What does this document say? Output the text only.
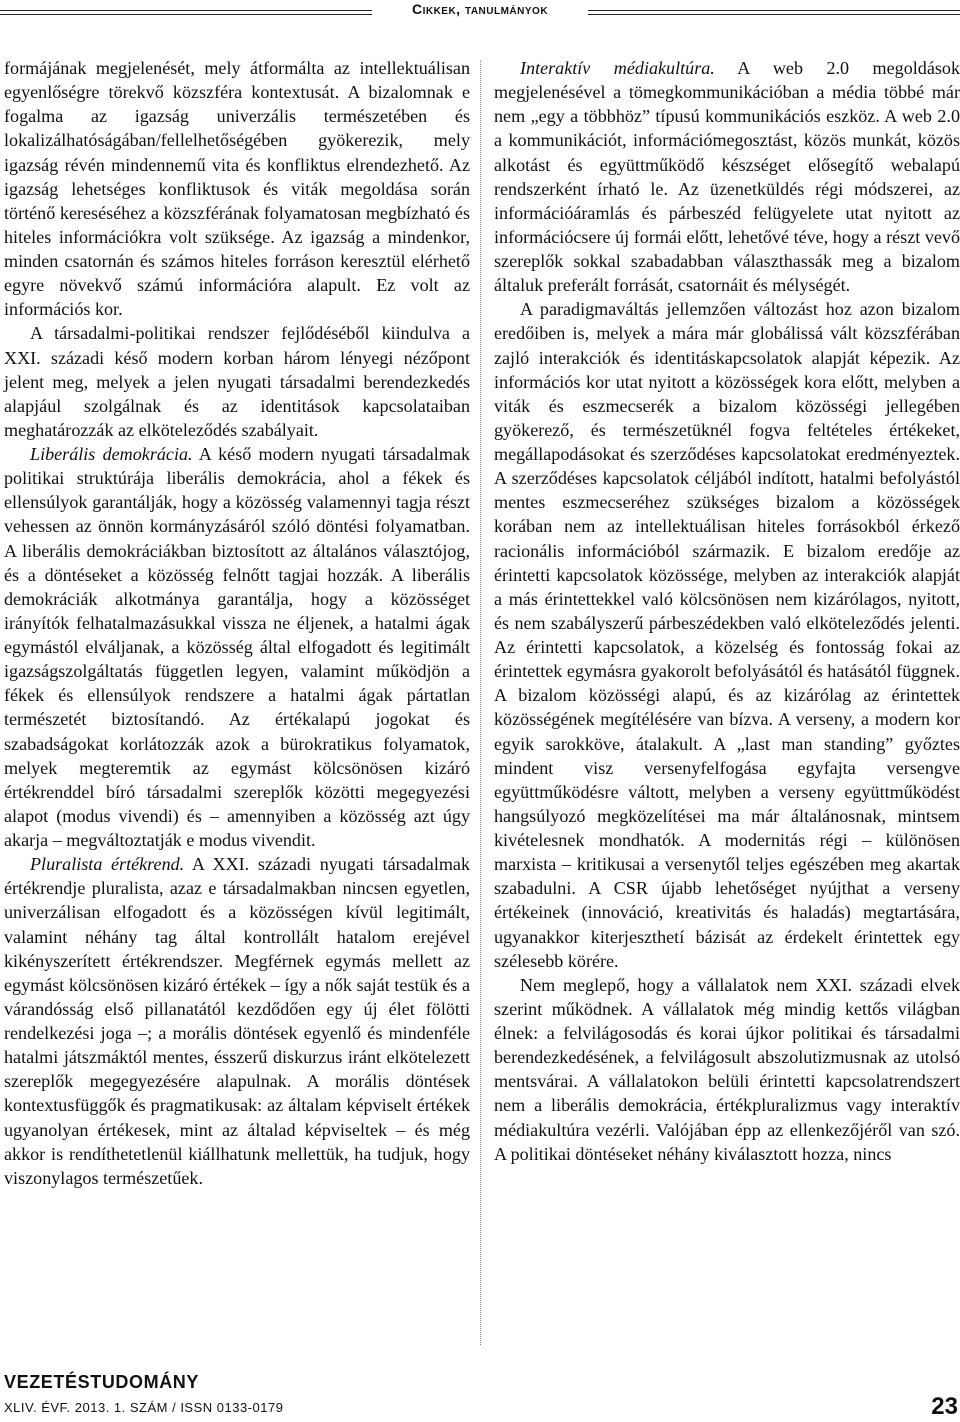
Cikkek, tanulmányok

formájának megjelenését, mely átformálta az intellektuálisan egyenlőségre törekvő közszféra kontextusát. A bizalomnak e fogalma az igazság univerzális természetében és lokalizálhatóságában/fellelhetőségében gyökerezik, mely igazság révén mindennemű vita és konfliktus elrendezhető. Az igazság lehetséges konfliktusok és viták megoldása során történő kereséséhez a közszférának folyamatosan megbízható és hiteles információkra volt szüksége. Az igazság a mindenkor, minden csatornán és számos hiteles forráson keresztül elérhető egyre növekvő számú információra alapult. Ez volt az információs kor.

A társadalmi-politikai rendszer fejlődéséből kiindulva a XXI. századi késő modern korban három lényegi nézőpont jelent meg, melyek a jelen nyugati társadalmi berendezkedés alapjául szolgálnak és az identitások kapcsolataiban meghatározzák az elköteleződés szabályait.

Liberális demokrácia. A késő modern nyugati társadalmak politikai struktúrája liberális demokrácia, ahol a fékek és ellensúlyok garantálják, hogy a közösség valamennyi tagja részt vehessen az önnön kormányzásáról szóló döntési folyamatban. A liberális demokráciákban biztosított az általános választójog, és a döntéseket a közösség felnőtt tagjai hozzák. A liberális demokráciák alkotmánya garantálja, hogy a közösséget irányítók felhatalmazásukkal vissza ne éljenek, a hatalmi ágak egymástól elváljanak, a közösség által elfogadott és legitimált igazságszolgáltatás független legyen, valamint működjön a fékek és ellensúlyok rendszere a hatalmi ágak pártatlan természetét biztosítandó. Az értékalapú jogokat és szabadságokat korlátozzák azok a bürokratikus folyamatok, melyek megteremtik az egymást kölcsönösen kizáró értékrenddel bíró társadalmi szereplők közötti megegyezési alapot (modus vivendi) és – amennyiben a közösség azt úgy akarja – megváltoztatják e modus vivendit.

Pluralista értékrend. A XXI. századi nyugati társadalmak értékrendje pluralista, azaz e társadalmakban nincsen egyetlen, univerzálisan elfogadott és a közösségen kívül legitimált, valamint néhány tag által kontrollált hatalom erejével kikényszerített értékrendszer. Megférnek egymás mellett az egymást kölcsönösen kizáró értékek – így a nők saját testük és a várandósság első pillanatától kezdődően egy új élet fölötti rendelkezési joga –; a morális döntések egyenlő és mindenféle hatalmi játszmáktól mentes, ésszerű diskurzus iránt elkötelezett szereplők megegyezésére alapulnak. A morális döntések kontextusfüggők és pragmatikusak: az általam képviselt értékek ugyanolyan értékesek, mint az általad képviseltek – és még akkor is rendíthetetlenül kiállhatunk mellettük, ha tudjuk, hogy viszonylagos természetűek.

Interaktív médiakultúra. A web 2.0 megoldások megjelenésével a tömegkommunikációban a média többé már nem „egy a többhöz” típusú kommunikációs eszköz. A web 2.0 a kommunikációt, információmegosztást, közös munkát, közös alkotást és együttműködő készséget elősegítő webalapú rendszerként írható le. Az üzenetküldés régi módszerei, az információáramlás és párbeszéd felügyelete utat nyitott az információcsere új formái előtt, lehetővé téve, hogy a részt vevő szereplők sokkal szabadabban választhassák meg a bizalom általuk preferált forrását, csatornáit és mélységét.

A paradigmaváltás jellemzően változást hoz azon bizalom eredőiben is, melyek a mára már globálissá vált közszférában zajló interakciók és identitáskapcsolatok alapját képezik. Az információs kor utat nyitott a közösségek kora előtt, melyben a viták és eszmecserék a bizalom közösségi jellegében gyökerező, és természetüknél fogva feltételes értékeket, megállapodásokat és szerződéses kapcsolatokat eredményeztek. A szerződéses kapcsolatok céljából indított, hatalmi befolyástól mentes eszmecseréhez szükséges bizalom a közösségek korában nem az intellektuálisan hiteles forrásokból érkező racionális információból származik. E bizalom eredője az érintetti kapcsolatok közössége, melyben az interakciók alapját a más érintettekkel való kölcsönösen nem kizárólagos, nyitott, és nem szabályszerű párbeszédekben való elköteleződés jelenti. Az érintetti kapcsolatok, a közelség és fontosság fokai az érintettek egymásra gyakorolt befolyásától és hatásától függnek. A bizalom közösségi alapú, és az kizárólag az érintettek közösségének megítélésére van bízva. A verseny, a modern kor egyik sarokköve, átalakult. A „last man standing” győztes mindent visz versenyfelfogása egyfajta versengve együttműködésre váltott, melyben a verseny együttműködést hangsúlyozó megközelítései ma már általánosnak, mintsem kivételesnek mondhatók. A modernitás régi – különösen marxista – kritikusai a versenytől teljes egészében meg akartak szabadulni. A CSR újabb lehetőséget nyújthat a verseny értékeinek (innováció, kreativitás és haladás) megtartására, ugyanakkor kiterjeszthetí bázisát az érdekelt érintettek egy szélesebb körére.

Nem meglepő, hogy a vállalatok nem XXI. századi elvek szerint működnek. A vállalatok még mindig kettős világban élnek: a felvilágosodás és korai újkor politikai és társadalmi berendezkedésének, a felvilágosult abszolutizmusnak az utolsó mentsvárai. A vállalatokon belüli érintetti kapcsolatrendszert nem a liberális demokrácia, értékpluralizmus vagy interaktív médiakultúra vezérli. Valójában épp az ellenkezőjéről van szó. A politikai döntéseket néhány kiválasztott hozza, nincs

VEZETÉSTUDOMÁNY
XLIV. ÉVF. 2013. 1. SZÁM / ISSN 0133-0179	23
